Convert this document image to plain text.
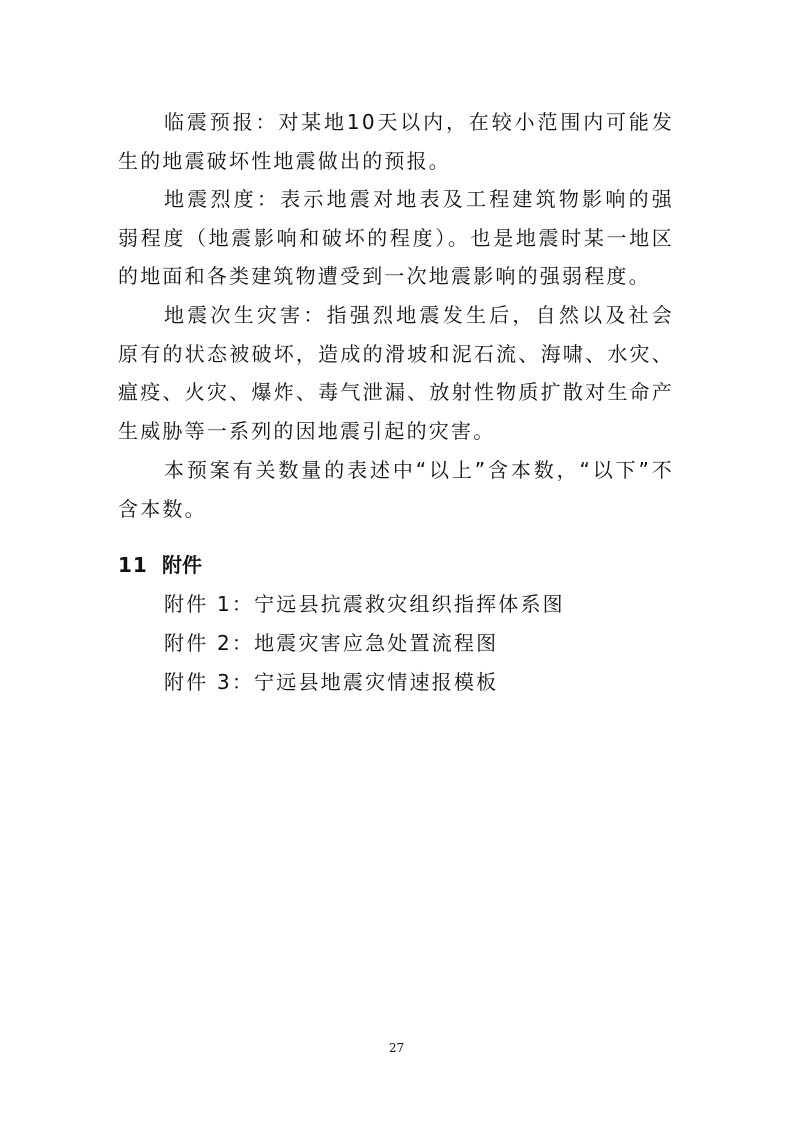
临震预报：对某地10天以内，在较小范围内可能发生的地震破坏性地震做出的预报。

地震烈度：表示地震对地表及工程建筑物影响的强弱程度（地震影响和破坏的程度）。也是地震时某一地区的地面和各类建筑物遭受到一次地震影响的强弱程度。

地震次生灾害：指强烈地震发生后，自然以及社会原有的状态被破坏，造成的滑坡和泥石流、海啸、水灾、瘟疫、火灾、爆炸、毒气泄漏、放射性物质扩散对生命产生威胁等一系列的因地震引起的灾害。

本预案有关数量的表述中“以上”含本数，“以下”不含本数。

11 附件

附件 1：宁远县抗震救灾组织指挥体系图

附件 2：地震灾害应急处置流程图

附件 3：宁远县地震灾情速报模板

27
